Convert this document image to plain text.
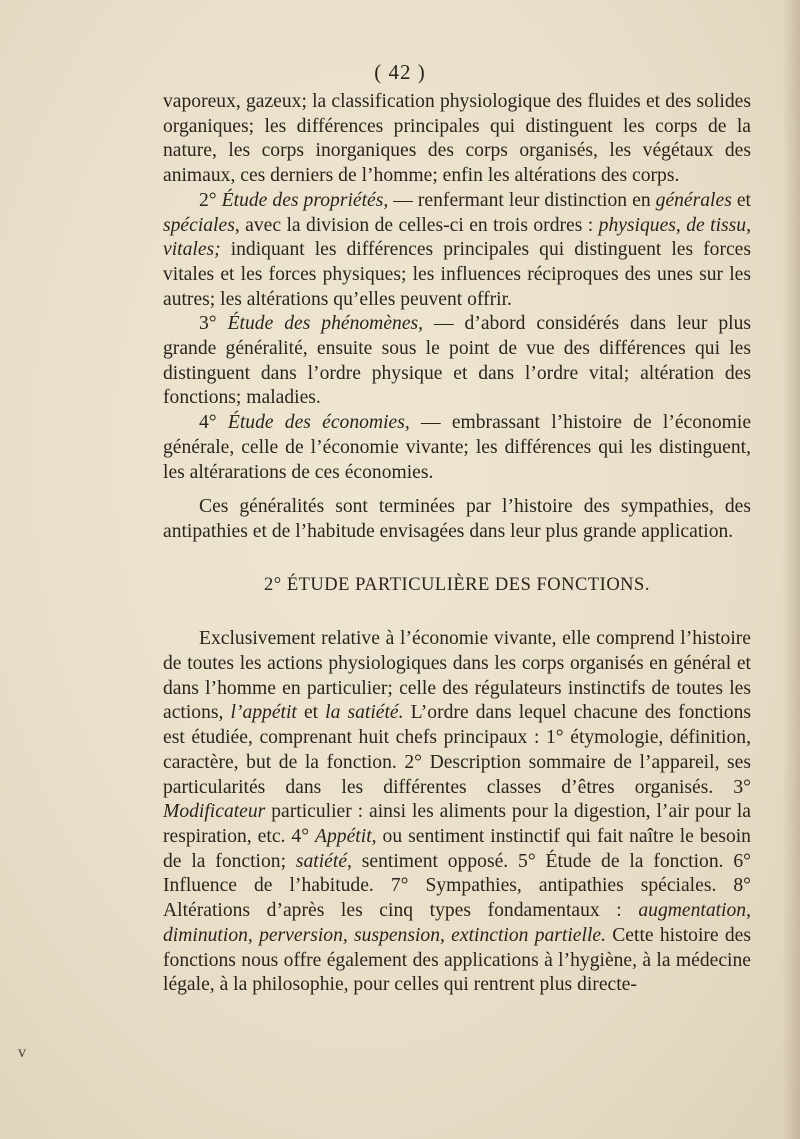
( 42 )

vaporeux, gazeux; la classification physiologique des fluides et des solides organiques; les différences principales qui distinguent les corps de la nature, les corps inorganiques des corps organisés, les végétaux des animaux, ces derniers de l’homme; enfin les altérations des corps.

2° Étude des propriétés, — renfermant leur distinction en générales et spéciales, avec la division de celles-ci en trois ordres : physiques, de tissu, vitales; indiquant les différences principales qui distinguent les forces vitales et les forces physiques; les influences réciproques des unes sur les autres; les altérations qu’elles peuvent offrir.

3° Étude des phénomènes, — d’abord considérés dans leur plus grande généralité, ensuite sous le point de vue des différences qui les distinguent dans l’ordre physique et dans l’ordre vital; altération des fonctions; maladies.

4° Étude des économies, — embrassant l’histoire de l’économie générale, celle de l’économie vivante; les différences qui les distinguent, les altérarations de ces économies.

Ces généralités sont terminées par l’histoire des sympathies, des antipathies et de l’habitude envisagées dans leur plus grande application.

2° ÉTUDE PARTICULIÈRE DES FONCTIONS.

Exclusivement relative à l’économie vivante, elle comprend l’histoire de toutes les actions physiologiques dans les corps organisés en général et dans l’homme en particulier; celle des régulateurs instinctifs de toutes les actions, l’appétit et la satiété. L’ordre dans lequel chacune des fonctions est étudiée, comprenant huit chefs principaux : 1° étymologie, définition, caractère, but de la fonction. 2° Description sommaire de l’appareil, ses particularités dans les différentes classes d’êtres organisés. 3° Modificateur particulier : ainsi les aliments pour la digestion, l’air pour la respiration, etc. 4° Appétit, ou sentiment instinctif qui fait naître le besoin de la fonction; satiété, sentiment opposé. 5° Étude de la fonction. 6° Influence de l’habitude. 7° Sympathies, antipathies spéciales. 8° Altérations d’après les cinq types fondamentaux : augmentation, diminution, perversion, suspension, extinction partielle. Cette histoire des fonctions nous offre également des applications à l’hygiène, à la médecine légale, à la philosophie, pour celles qui rentrent plus directe-

v
